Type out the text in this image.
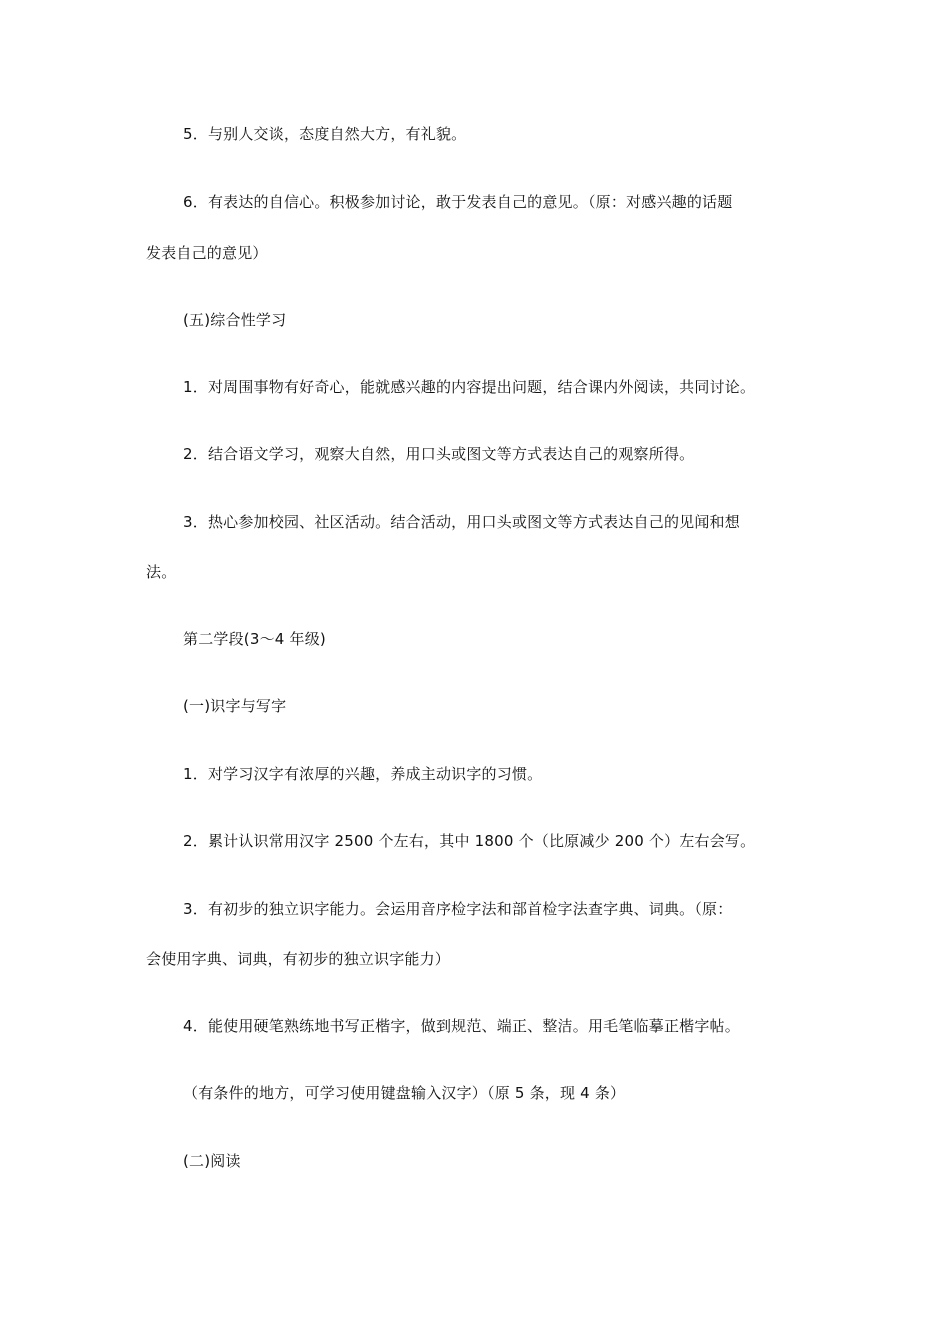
5．与别人交谈，态度自然大方，有礼貌。

6．有表达的自信心。积极参加讨论，敢于发表自己的意见。（原：对感兴趣的话题

发表自己的意见）

(五)综合性学习

1．对周围事物有好奇心，能就感兴趣的内容提出问题，结合课内外阅读，共同讨论。

2．结合语文学习，观察大自然，用口头或图文等方式表达自己的观察所得。

3．热心参加校园、社区活动。结合活动，用口头或图文等方式表达自己的见闻和想

法。

第二学段(3～4 年级)

(一)识字与写字

1．对学习汉字有浓厚的兴趣，养成主动识字的习惯。

2．累计认识常用汉字 2500 个左右，其中 1800 个（比原减少 200 个）左右会写。

3．有初步的独立识字能力。会运用音序检字法和部首检字法查字典、词典。（原：

会使用字典、词典，有初步的独立识字能力）

4．能使用硬笔熟练地书写正楷字，做到规范、端正、整洁。用毛笔临摹正楷字帖。

（有条件的地方，可学习使用键盘输入汉字）（原 5 条，现 4 条）

(二)阅读
